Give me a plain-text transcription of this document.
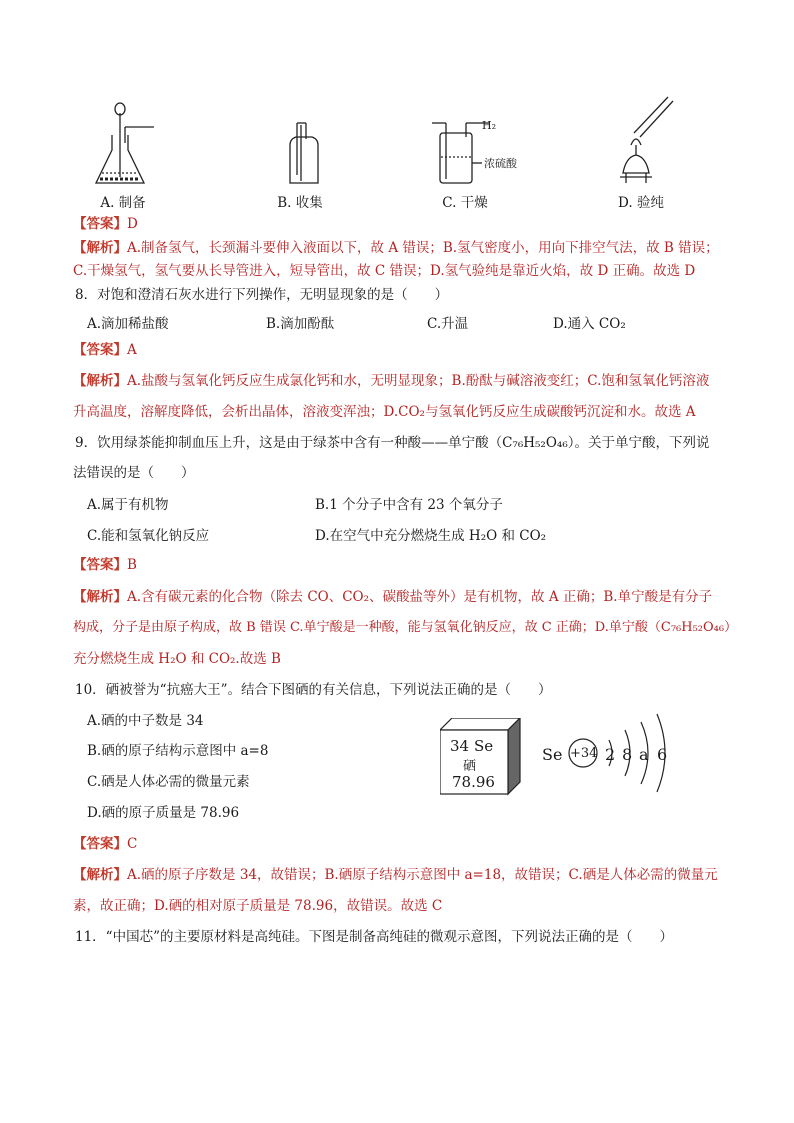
H₂
浓硫酸
A. 制备	B. 收集	C. 干燥	D. 验纯
【答案】D
【解析】A.制备氢气，长颈漏斗要伸入液面以下，故 A 错误；B.氢气密度小，用向下排空气法，故 B 错误；
C.干燥氢气，氢气要从长导管进入，短导管出，故 C 错误；D.氢气验纯是靠近火焰，故 D 正确。故选 D
8．对饱和澄清石灰水进行下列操作，无明显现象的是（　　）
A.滴加稀盐酸	B.滴加酚酞	C.升温	D.通入 CO₂
【答案】A
【解析】A.盐酸与氢氧化钙反应生成氯化钙和水，无明显现象；B.酚酞与碱溶液变红；C.饱和氢氧化钙溶液
升高温度，溶解度降低，会析出晶体，溶液变浑浊；D.CO₂与氢氧化钙反应生成碳酸钙沉淀和水。故选 A
9．饮用绿茶能抑制血压上升，这是由于绿茶中含有一种酸——单宁酸（C₇₆H₅₂O₄₆）。关于单宁酸，下列说
法错误的是（　　）
A.属于有机物	B.1 个分子中含有 23 个氧分子
C.能和氢氧化钠反应	D.在空气中充分燃烧生成 H₂O 和 CO₂
【答案】B
【解析】A.含有碳元素的化合物（除去 CO、CO₂、碳酸盐等外）是有机物，故 A 正确；B.单宁酸是有分子
构成，分子是由原子构成，故 B 错误 C.单宁酸是一种酸，能与氢氧化钠反应，故 C 正确；D.单宁酸（C₇₆H₅₂O₄₆）
充分燃烧生成 H₂O 和 CO₂.故选 B
10．硒被誉为“抗癌大王”。结合下图硒的有关信息，下列说法正确的是（　　）
A.硒的中子数是 34
B.硒的原子结构示意图中 a=8
C.硒是人体必需的微量元素
D.硒的原子质量是 78.96
34 Se
硒
78.96
Se +34 2 8 a 6
【答案】C
【解析】A.硒的原子序数是 34，故错误；B.硒原子结构示意图中 a=18，故错误；C.硒是人体必需的微量元
素，故正确；D.硒的相对原子质量是 78.96，故错误。故选 C
11．“中国芯”的主要原材料是高纯硅。下图是制备高纯硅的微观示意图，下列说法正确的是（　　）
